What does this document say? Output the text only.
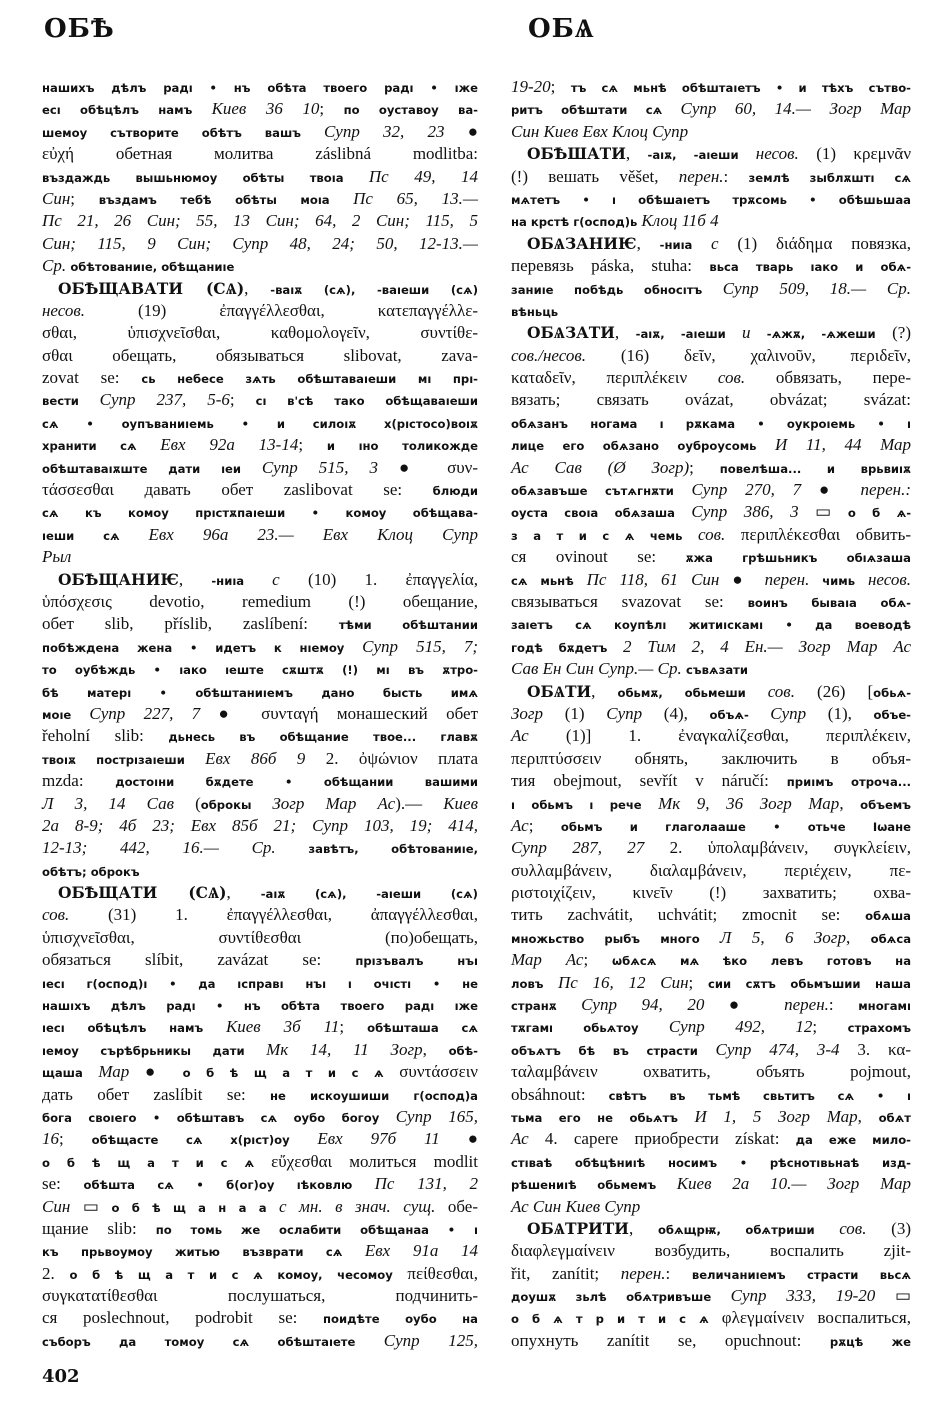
ОБѢ	ОБѦ
нашихъ дѣлъ радı • нъ обѣта твоего радı • ıже
есı обѣцѣлъ намъ Киев 36 10; по оуставоу ва-
шемоу сътворите обѣтъ вашъ Супр 32, 23 ●
εὐχή обетная молитва záslibná modlitba:
въздаждь вышьнюмоу обѣты твоıа Пс 49, 14
Син; въздамъ тебѣ обѣты моıа Пс 65, 13.—
Пс 21, 26 Син; 55, 13 Син; 64, 2 Син; 115, 5
Син; 115, 9 Син; Супр 48, 24; 50, 12-13.—
Ср. обѣтованиıе, обѣщаниıе
ОБѢЩАВАТИ (СѦ), -ваıѫ (сѧ), -ваıеши (сѧ)
несов. (19) ἐπαγγέλλεσθαι, κατεπαγγέλλε-
σθαι, ὑπισχνεῖσθαι, καθομολογεῖν, συντίθε-
σθαι обещать, обязываться slibovat, zava-
zovat se: сь небесе зѧть обѣштаваıеши мı прı-
вести Супр 237, 5-6; сı в'сѣ тако обѣщаваıеши
сѧ • оупъваниıемь • и силоıѫ х(рıстосо)воıѫ
хранити сѧ Евх 92а 13-14; и ıно толикожде
обѣштаваıѫште дати ıеи Супр 515, 3 ● συν-
τάσσεσθαι давать обет zaslibovat se: блюди
сѧ къ комоу прıстѫпаıеши • комоу обѣщава-
ıеши сѧ Евх 96а 23.— Евх Клоц Супр
Рыл
ОБѢЩАНИѤ, -ниıа с (10) 1. ἐπαγγελία,
ὑπόσχεσις devotio, remedium (!) обещание,
обет slib, příslib, zaslíbení: тѣми обѣштании
побѣждена жена • идетъ к нıемоу Супр 515, 7;
то оубѣждь • ıако ıеште сѫштѫ (!) мı въ ѫтро-
бѣ матерı • обѣштаниıемъ дано бысть имѧ
моıе Супр 227, 7 ● συνταγή монашеский обет
řeholní slib: дьнесь въ обѣщание твое... главѫ
твоıѫ пострıзаıеши Евх 86б 9 2. ὀψώνιον плата
mzda: достоıни бѫдете • обѣщании вашими
Л 3, 14 Сав (оброкы Зогр Мар Ас).— Киев
2а 8-9; 4б 23; Евх 85б 21; Супр 103, 19; 414,
12-13; 442, 16.— Ср. завѣтъ, обѣтованиıе,
обѣтъ; оброкъ
ОБѢЩАТИ (СѦ), -аıѫ (сѧ), -аıеши (сѧ)
сов. (31) 1. ἐπαγγέλλεσθαι, ἀπαγγέλλεσθαι,
ὑπισχνεῖσθαι, συντίθεσθαι (по)обещать,
обязаться slíbit, zavázat se: прıзъвалъ нъı
ıесı г(оспод)ı • да ıсправı нъı ı очıстı • не
нашıхъ дѣлъ радı • нъ обѣта твоего радı ıже
ıесı обѣцѣлъ намъ Киев 3б 11; обѣшташа сѧ
ıемоу сърѣбрьникы дати Мк 14, 11 Зогр, обѣ-
щаша Мар ● о б ѣ щ а т и с ѧ συντάσσειν
дать обет zaslíbit se: не искоушиши г(оспод)а
бога своıего • обѣштавъ сѧ оубо богоу Супр 165,
16; обѣщасте сѧ х(рıст)оу Евх 97б 11 ●
о б ѣ щ а т и с ѧ εὔχεσθαι молиться modlit
se: обѣшта сѧ • б(ог)оу ıѣковлю Пс 131, 2
Син ▭ о б ѣ щ а н а а с мн. в знач. сущ. обе-
щание slib: по томь же ослабити обѣщанаа • ı
къ прьвоумоу житью възврати сѧ Евх 91а 14
2. о б ѣ щ а т и с ѧ комоу, чесомоу πείθεσθαι,
συγκατατίθεσθαι послушаться, подчинить-
ся poslechnout, podrobit se: поидѣте оубо на
съборъ да томоу сѧ обѣштаıете Супр 125,
19-20; тъ сѧ мьнѣ обѣштаıетъ • и тѣхъ сътво-
ритъ обѣштати сѧ Супр 60, 14.— Зогр Мар
Син Киев Евх Клоц Супр
ОБѢШАТИ, -аıѫ, -аıеши несов. (1) κρεμνᾶν
(!) вешать věšet, перен.: землѣ зыблѫштı сѧ
мѧтетъ • ı обѣшаıетъ трѫсомь • обѣшьшаа
на крстѣ г(оспод)ь Клоц 11б 4
ОБѦЗАНИѤ, -ниıа с (1) διάδημα повязка,
перевязь páska, stuha: вьса тварь ıако и обѧ-
заниıе побѣдь обносıтъ Супр 509, 18.— Ср.
вѣньць
ОБѦЗАТИ, -аıѫ, -аıеши и -ѧжѫ, -ѧжеши (?)
сов./несов. (16) δεῖν, χαλινοῦν, περιδεῖν,
καταδεῖν, περιπλέκειν сов. обвязать, пере-
вязать; связать ovázat, obvázat; svázat:
обѧзанъ ногама ı рѫкама • оукроıемь • ı
лице его обѧзано оуброусомь И 11, 44 Мар
Ас Сав (Ø Зогр); повелѣша... и врьвиıѫ
обѧзавъше сътѧгнѫти Супр 270, 7 ● перен.:
оуста своıа обѧзаша Супр 386, 3 ▭ о б ѧ-
з а т и с ѧ чемь сов. περιπλέκεσθαι обвить-
ся ovinout se: ѫжа грѣшьникъ обıѧзаша
сѧ мьнѣ Пс 118, 61 Син ● перен. чимь несов.
связываться svazovat se: воинъ бываıа обѧ-
заıетъ сѧ коупѣлı житиıскамı • да воеводѣ
годѣ бѫдетъ 2 Тим 2, 4 Ен.— Зогр Мар Ас
Сав Ен Син Супр.— Ср. съвѧзати
ОБѦТИ, обьмѫ, обьмеши сов. (26) [обьѧ-
Зогр (1) Супр (4), объѧ- Супр (1), объе-
Ас (1)] 1. ἐναγκαλίζεσθαι, περιπλέκειν,
περιπτύσσειν обнять, заключить в объя-
тия obejmout, sevřít v náručí: приıмъ отроча...
ı обьмъ ı рече Мк 9, 36 Зогр Мар, объемъ
Ас; обьмъ и глаголааше • отьче Іωане
Супр 287, 27 2. ὑπολαμβάνειν, συγκλείειν,
συλλαμβάνειν, διαλαμβάνειν, περιέχειν, πε-
ριστοιχίζειν, κινεῖν (!) захватить; охва-
тить zachvátit, uchvátit; zmocnit se: обѧша
множьство рыбъ много Л 5, 6 Зогр, обѧса
Мар Ас; ѡбѧсѧ мѧ ѣко левъ готовъ на
ловъ Пс 16, 12 Син; сии сѫтъ обьмъшии наша
странѫ Супр 94, 20 ● перен.: многамı
тѫгамı обьѧтоу Супр 492, 12; страхомъ
объѧтъ бѣ въ страсти Супр 474, 3-4 3. κα-
ταλαμβάνειν охватить, объять pojmout,
obsáhnout: свѣтъ въ тьмѣ свьтитъ сѧ • ı
тьма его не обьѧтъ И 1, 5 Зогр Мар, обѧт
Ас 4. capere приобрести získat: да еже мило-
стıваѣ обѣцѣниıѣ носимъ • рѣснотıвьнаѣ изд-
рѣшениıѣ обьмемъ Киев 2а 10.— Зогр Мар
Ас Син Киев Супр
ОБѦТРИТИ, обѧщрѭ, обѧтриши сов. (3)
διαφλεγμαίνειν возбудить, воспалить zjit-
řit, zanítit; перен.: величаниıемъ страсти вьсѧ
доушѫ зьлѣ обѧтривъше Супр 333, 19-20 ▭
о б ѧ т р и т и с ѧ φλεγμαίνειν воспалиться,
опухнуть zanítit se, opuchnout: рѫцѣ же
402
